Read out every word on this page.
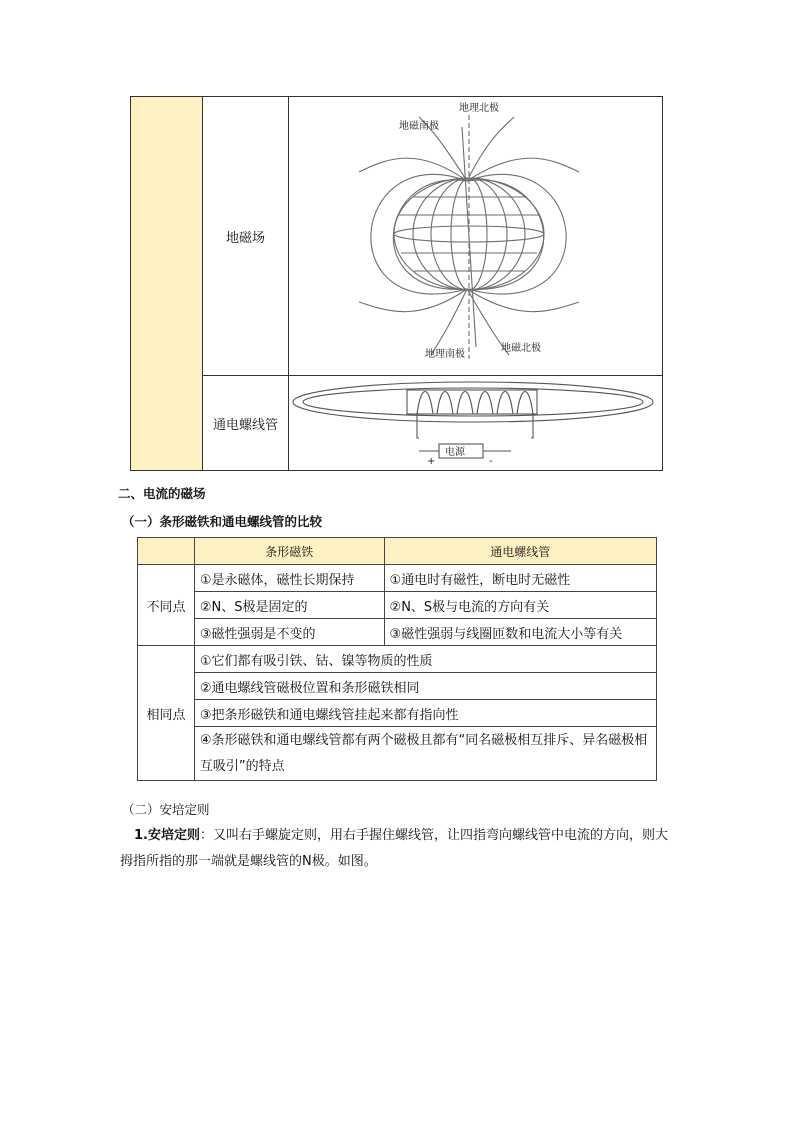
地磁场
地理北极
地磁南极
地理南极
地磁北极
通电螺线管
电源
+	-
二、电流的磁场
（一）条形磁铁和通电螺线管的比较
	条形磁铁	通电螺线管
不同点	①是永磁体，磁性长期保持	①通电时有磁性，断电时无磁性
	②N、S极是固定的	②N、S极与电流的方向有关
	③磁性强弱是不变的	③磁性强弱与线圈匝数和电流大小等有关
相同点	①它们都有吸引铁、钴、镍等物质的性质	
	②通电螺线管磁极位置和条形磁铁相同	
	③把条形磁铁和通电螺线管挂起来都有指向性	
	④条形磁铁和通电螺线管都有两个磁极且都有“同名磁极相互排斥、异名磁极相互吸引”的特点	
（二）安培定则
1.安培定则：又叫右手螺旋定则，用右手握住螺线管，让四指弯向螺线管中电流的方向，则大拇指所指的那一端就是螺线管的N极。如图。
